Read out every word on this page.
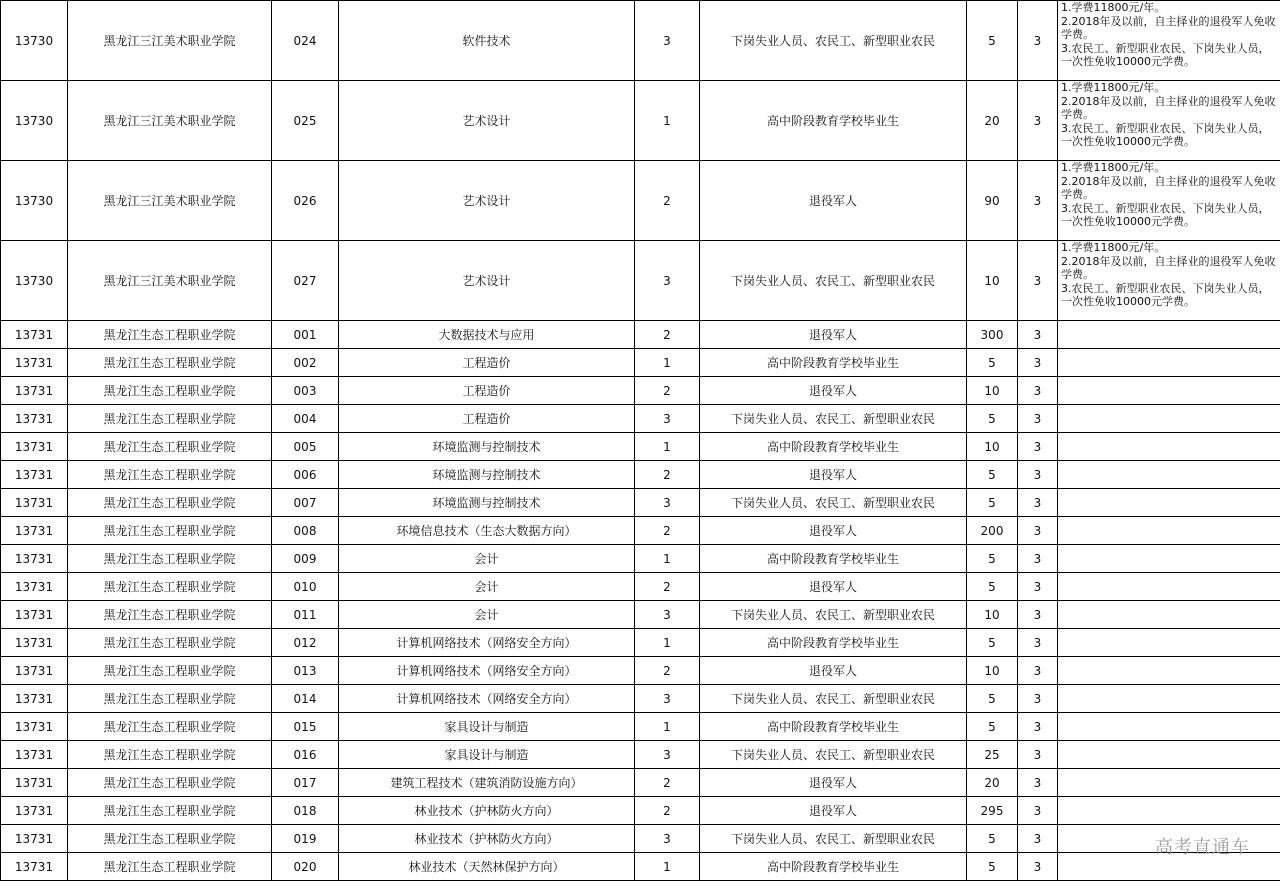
13730	黑龙江三江美术职业学院	024	软件技术	3	下岗失业人员、农民工、新型职业农民	5	3	1.学费11800元/年。
2.2018年及以前，自主择业的退役军人免收学费。
3.农民工、新型职业农民、下岗失业人员，一次性免收10000元学费。

13730	黑龙江三江美术职业学院	025	艺术设计	1	高中阶段教育学校毕业生	20	3	1.学费11800元/年。
2.2018年及以前，自主择业的退役军人免收学费。
3.农民工、新型职业农民、下岗失业人员，一次性免收10000元学费。

13730	黑龙江三江美术职业学院	026	艺术设计	2	退役军人	90	3	1.学费11800元/年。
2.2018年及以前，自主择业的退役军人免收学费。
3.农民工、新型职业农民、下岗失业人员，一次性免收10000元学费。

13730	黑龙江三江美术职业学院	027	艺术设计	3	下岗失业人员、农民工、新型职业农民	10	3	1.学费11800元/年。
2.2018年及以前，自主择业的退役军人免收学费。
3.农民工、新型职业农民、下岗失业人员，一次性免收10000元学费。

13731	黑龙江生态工程职业学院	001	大数据技术与应用	2	退役军人	300	3	
13731	黑龙江生态工程职业学院	002	工程造价	1	高中阶段教育学校毕业生	5	3	
13731	黑龙江生态工程职业学院	003	工程造价	2	退役军人	10	3	
13731	黑龙江生态工程职业学院	004	工程造价	3	下岗失业人员、农民工、新型职业农民	5	3	
13731	黑龙江生态工程职业学院	005	环境监测与控制技术	1	高中阶段教育学校毕业生	10	3	
13731	黑龙江生态工程职业学院	006	环境监测与控制技术	2	退役军人	5	3	
13731	黑龙江生态工程职业学院	007	环境监测与控制技术	3	下岗失业人员、农民工、新型职业农民	5	3	
13731	黑龙江生态工程职业学院	008	环境信息技术（生态大数据方向）	2	退役军人	200	3	
13731	黑龙江生态工程职业学院	009	会计	1	高中阶段教育学校毕业生	5	3	
13731	黑龙江生态工程职业学院	010	会计	2	退役军人	5	3	
13731	黑龙江生态工程职业学院	011	会计	3	下岗失业人员、农民工、新型职业农民	10	3	
13731	黑龙江生态工程职业学院	012	计算机网络技术（网络安全方向）	1	高中阶段教育学校毕业生	5	3	
13731	黑龙江生态工程职业学院	013	计算机网络技术（网络安全方向）	2	退役军人	10	3	
13731	黑龙江生态工程职业学院	014	计算机网络技术（网络安全方向）	3	下岗失业人员、农民工、新型职业农民	5	3	
13731	黑龙江生态工程职业学院	015	家具设计与制造	1	高中阶段教育学校毕业生	5	3	
13731	黑龙江生态工程职业学院	016	家具设计与制造	3	下岗失业人员、农民工、新型职业农民	25	3	
13731	黑龙江生态工程职业学院	017	建筑工程技术（建筑消防设施方向）	2	退役军人	20	3	
13731	黑龙江生态工程职业学院	018	林业技术（护林防火方向）	2	退役军人	295	3	
13731	黑龙江生态工程职业学院	019	林业技术（护林防火方向）	3	下岗失业人员、农民工、新型职业农民	5	3	
13731	黑龙江生态工程职业学院	020	林业技术（天然林保护方向）	1	高中阶段教育学校毕业生	5	3	
高考直通车
